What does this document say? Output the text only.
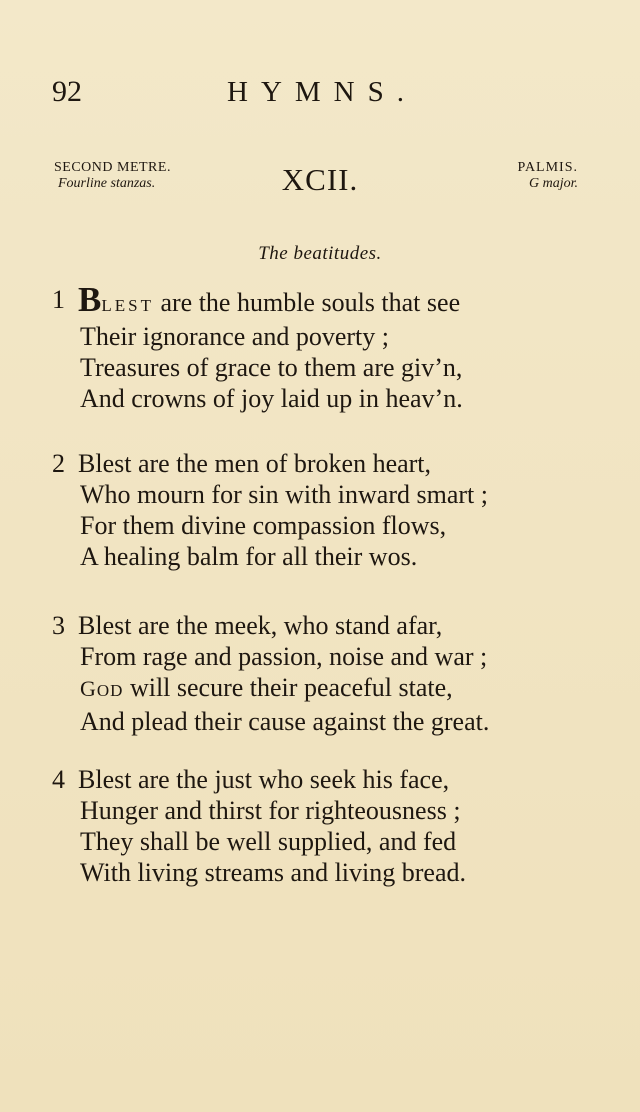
92	HYMNS.
SECOND METRE.
Fourline stanzas.	XCII.	PALMIS.
G major.
The beatitudes.
1 BLEST are the humble souls that see
Their ignorance and poverty ;
Treasures of grace to them are giv’n,
And crowns of joy laid up in heav’n.
2 Blest are the men of broken heart,
Who mourn for sin with inward smart ;
For them divine compassion flows,
A healing balm for all their wos.
3 Blest are the meek, who stand afar,
From rage and passion, noise and war ;
GOD will secure their peaceful state,
And plead their cause against the great.
4 Blest are the just who seek his face,
Hunger and thirst for righteousness ;
They shall be well supplied, and fed
With living streams and living bread.
